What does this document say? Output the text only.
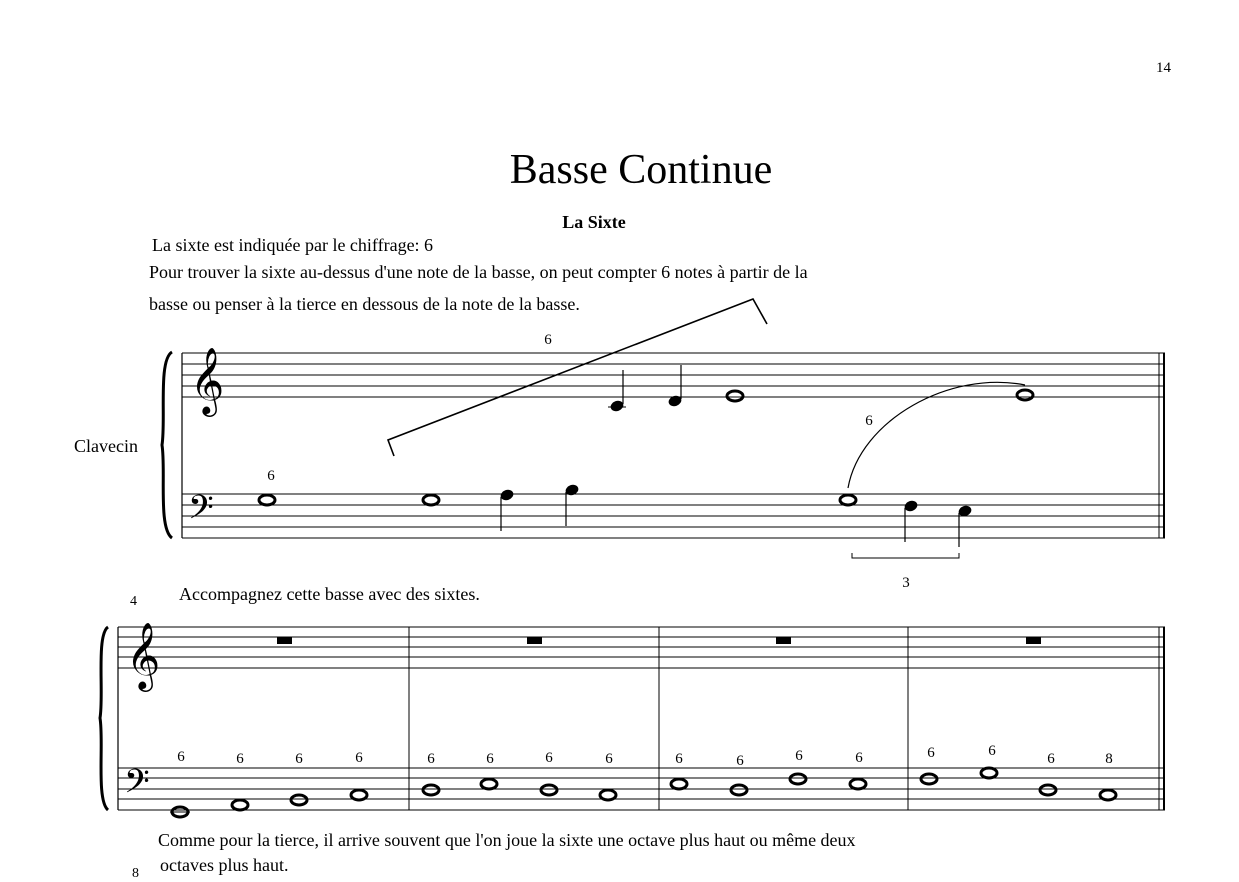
14
Basse Continue
La Sixte
La sixte est indiquée par le chiffrage: 6
Pour trouver la sixte au-dessus d'une note de la basse, on peut compter 6 notes à partir de la
basse ou penser à la tierce en dessous de la note de la basse.
Clavecin
4 Accompagnez cette basse avec des sixtes.
Comme pour la tierce, il arrive souvent que l'on joue la sixte une octave plus haut ou même deux
octaves plus haut.
8
𝄞
𝄢
6
6
6
3
𝄞
𝄢
6	6	6	6	6	6	6	6	6	6	6	6	6	6	6	8
